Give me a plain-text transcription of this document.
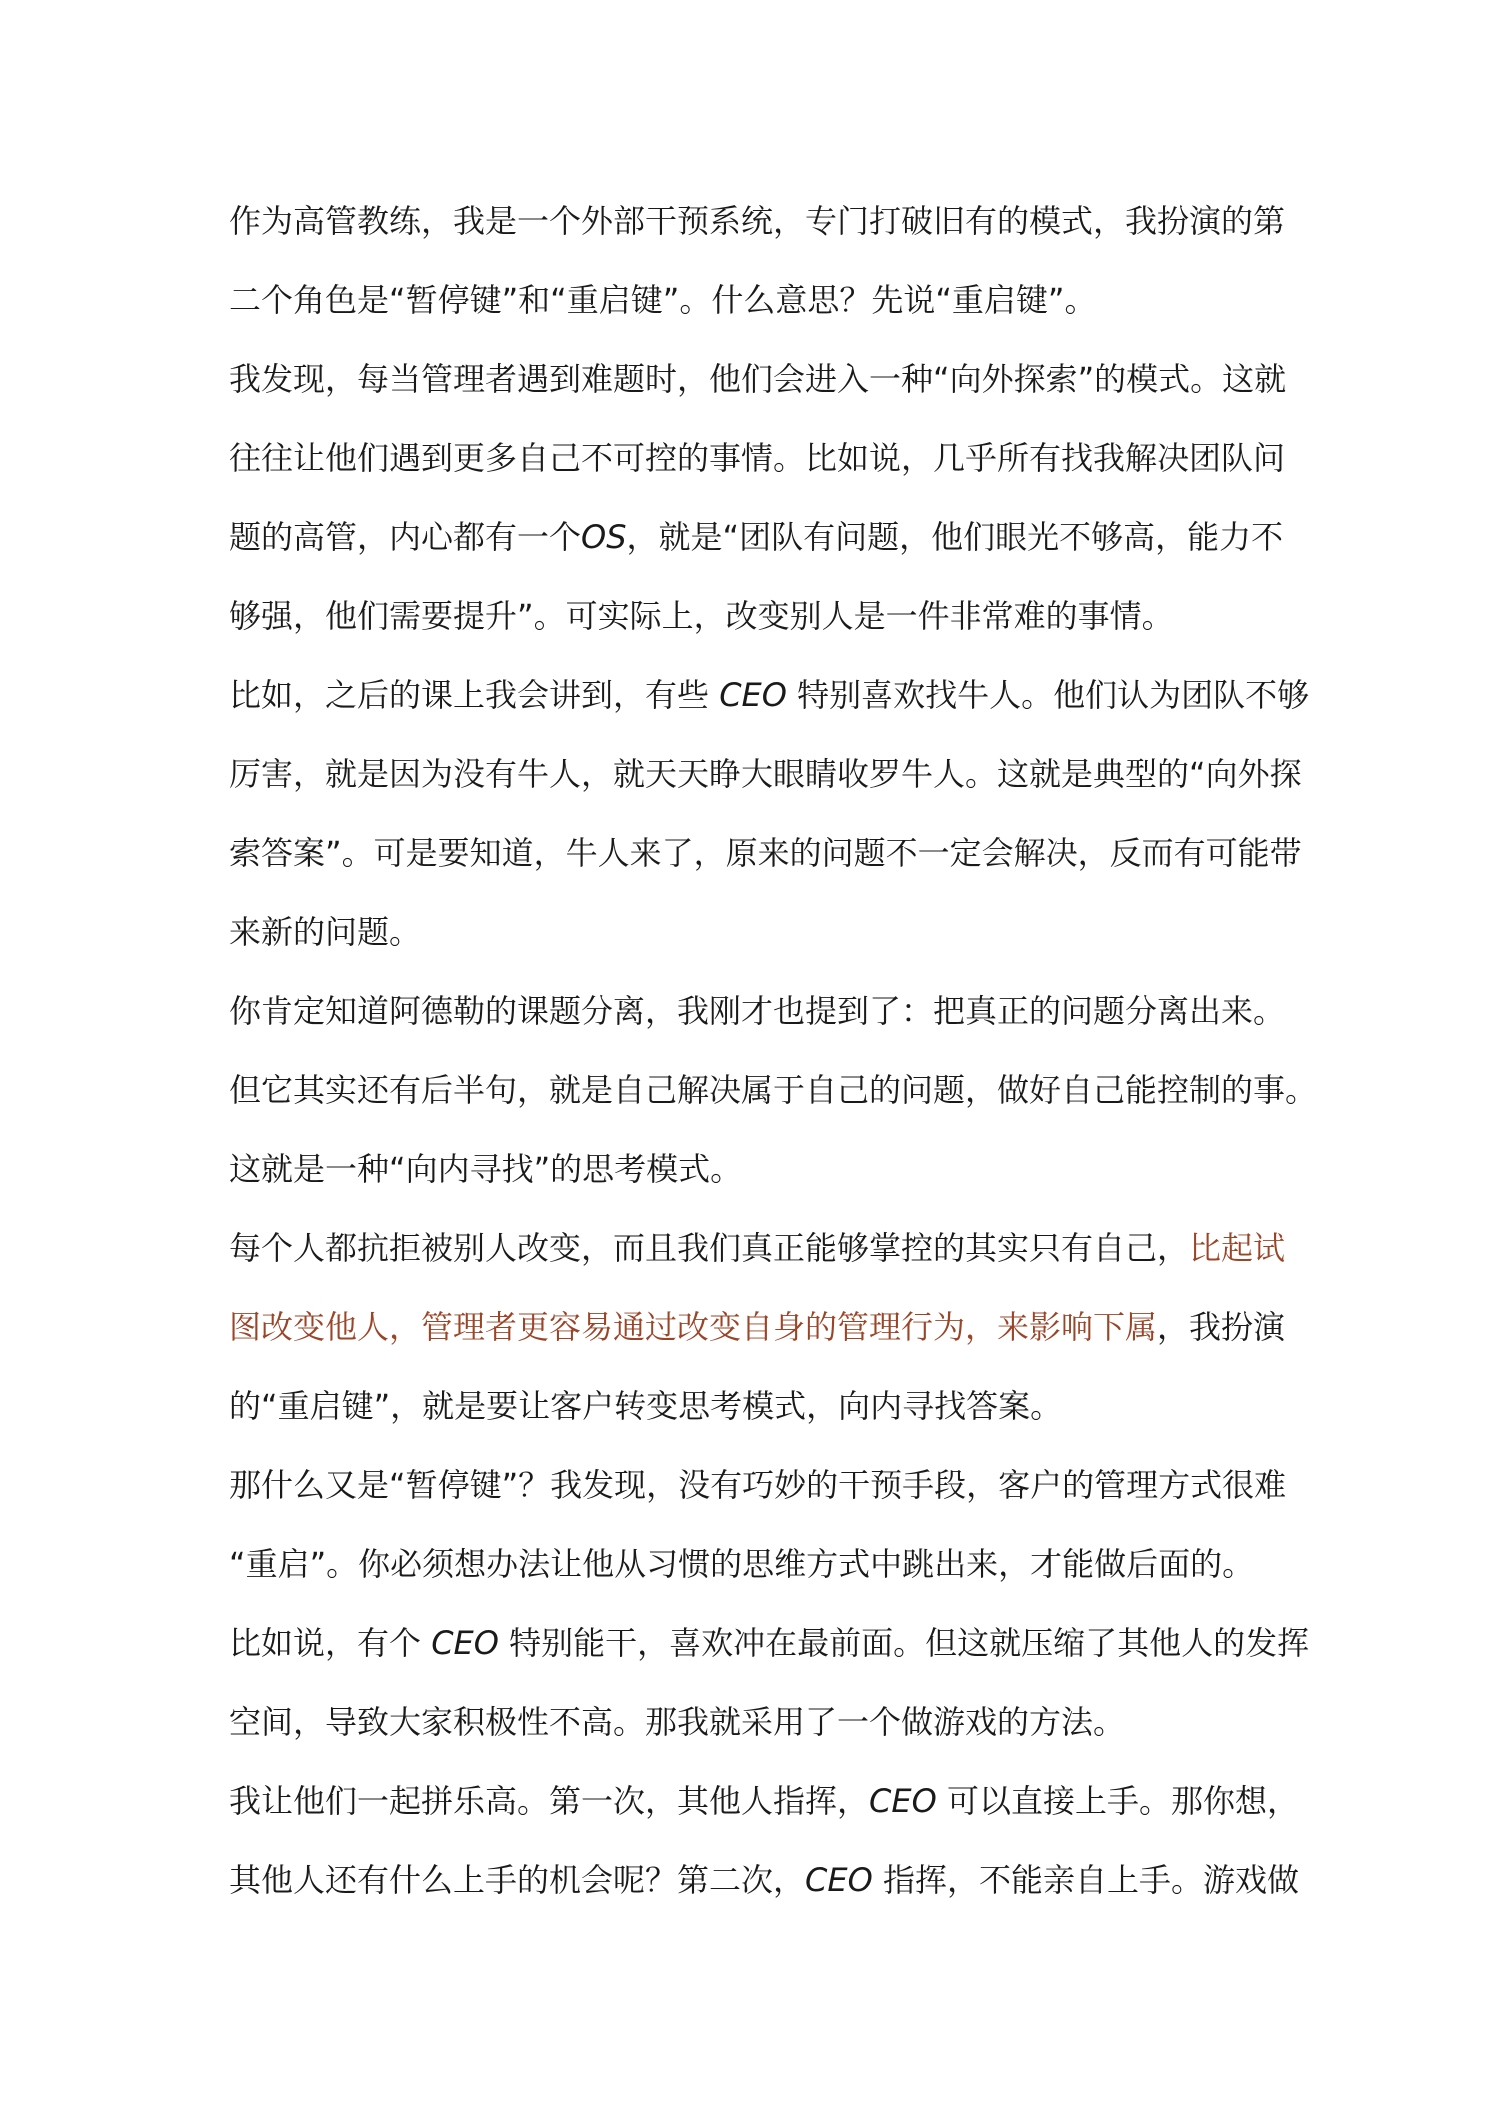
作为高管教练，我是一个外部干预系统，专门打破旧有的模式，我扮演的第
二个角色是“暂停键”和“重启键”。什么意思？先说“重启键”。
我发现，每当管理者遇到难题时，他们会进入一种“向外探索”的模式。这就
往往让他们遇到更多自己不可控的事情。比如说，几乎所有找我解决团队问
题的高管，内心都有一个OS，就是“团队有问题，他们眼光不够高，能力不
够强，他们需要提升”。可实际上，改变别人是一件非常难的事情。
比如，之后的课上我会讲到，有些 CEO 特别喜欢找牛人。他们认为团队不够
厉害，就是因为没有牛人，就天天睁大眼睛收罗牛人。这就是典型的“向外探
索答案”。可是要知道，牛人来了，原来的问题不一定会解决，反而有可能带
来新的问题。
你肯定知道阿德勒的课题分离，我刚才也提到了：把真正的问题分离出来。
但它其实还有后半句，就是自己解决属于自己的问题，做好自己能控制的事。
这就是一种“向内寻找”的思考模式。
每个人都抗拒被别人改变，而且我们真正能够掌控的其实只有自己，比起试
图改变他人，管理者更容易通过改变自身的管理行为，来影响下属，我扮演
的“重启键”，就是要让客户转变思考模式，向内寻找答案。
那什么又是“暂停键”？我发现，没有巧妙的干预手段，客户的管理方式很难
“重启”。你必须想办法让他从习惯的思维方式中跳出来，才能做后面的。
比如说，有个 CEO 特别能干，喜欢冲在最前面。但这就压缩了其他人的发挥
空间，导致大家积极性不高。那我就采用了一个做游戏的方法。
我让他们一起拼乐高。第一次，其他人指挥，CEO 可以直接上手。那你想，
其他人还有什么上手的机会呢？第二次，CEO 指挥，不能亲自上手。游戏做
